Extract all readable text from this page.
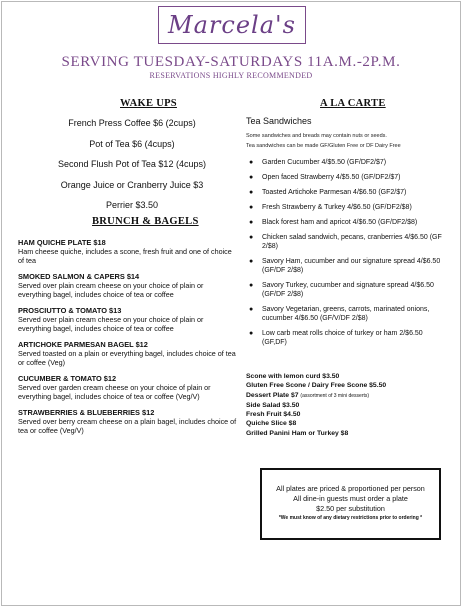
Marcela's
SERVING TUESDAY-SATURDAYS 11A.M.-2P.M.
RESERVATIONS HIGHLY RECOMMENDED
WAKE UPS	A LA CARTE
French Press Coffee $6 (2cups)
Pot of Tea $6 (4cups)
Second Flush Pot of Tea $12 (4cups)
Orange Juice or Cranberry Juice $3
Perrier $3.50
BRUNCH & BAGELS
HAM QUICHE PLATE $18
Ham cheese quiche, includes a scone, fresh fruit and one of choice of tea
SMOKED SALMON & CAPERS $14
Served over plain cream cheese on your choice of plain or everything bagel, includes choice of tea or coffee
PROSCIUTTO & TOMATO $13
Served over plain cream cheese on your choice of plain or everything bagel, includes choice of tea or coffee
ARTICHOKE PARMESAN BAGEL $12
Served toasted on a plain or everything bagel, includes choice of tea or coffee (Veg)
CUCUMBER & TOMATO $12
Served over garden cream cheese on your choice of plain or everything bagel, includes choice of tea or coffee (Veg/V)
STRAWBERRIES & BLUEBERRIES $12
Served over berry cream cheese on a plain bagel, includes choice of tea or coffee (Veg/V)
Tea Sandwiches
Some sandwiches and breads may contain nuts or seeds.
Tea sandwiches can be made GF/Gluten Free or DF Dairy Free
● Garden Cucumber 4/$5.50 (GF/DF2/$7)
● Open faced Strawberry 4/$5.50 (GF/DF2/$7)
● Toasted Artichoke Parmesan 4/$6.50 (GF2/$7)
● Fresh Strawberry & Turkey 4/$6.50 (GF/DF2/$8)
● Black forest ham and apricot 4/$6.50 (GF/DF2/$8)
● Chicken salad sandwich, pecans, cranberries 4/$6.50 (GF 2/$8)
● Savory Ham, cucumber and our signature spread 4/$6.50 (GF/DF 2/$8)
● Savory Turkey, cucumber and signature spread 4/$6.50 (GF/DF 2/$8)
● Savory Vegetarian, greens, carrots, marinated onions, cucumber 4/$6.50 (GF/V/DF 2/$8)
● Low carb meat rolls choice of turkey or ham 2/$6.50 (GF,DF)
Scone with lemon curd $3.50
Gluten Free Scone / Dairy Free Scone $5.50
Dessert Plate $7 (assortment of 3 mini desserts)
Side Salad $3.50
Fresh Fruit $4.50
Quiche Slice $8
Grilled Panini Ham or Turkey $8
All plates are priced & proportioned per person
All dine-in guests must order a plate
$2.50 per substitution
*We must know of any dietary restrictions prior to ordering *
